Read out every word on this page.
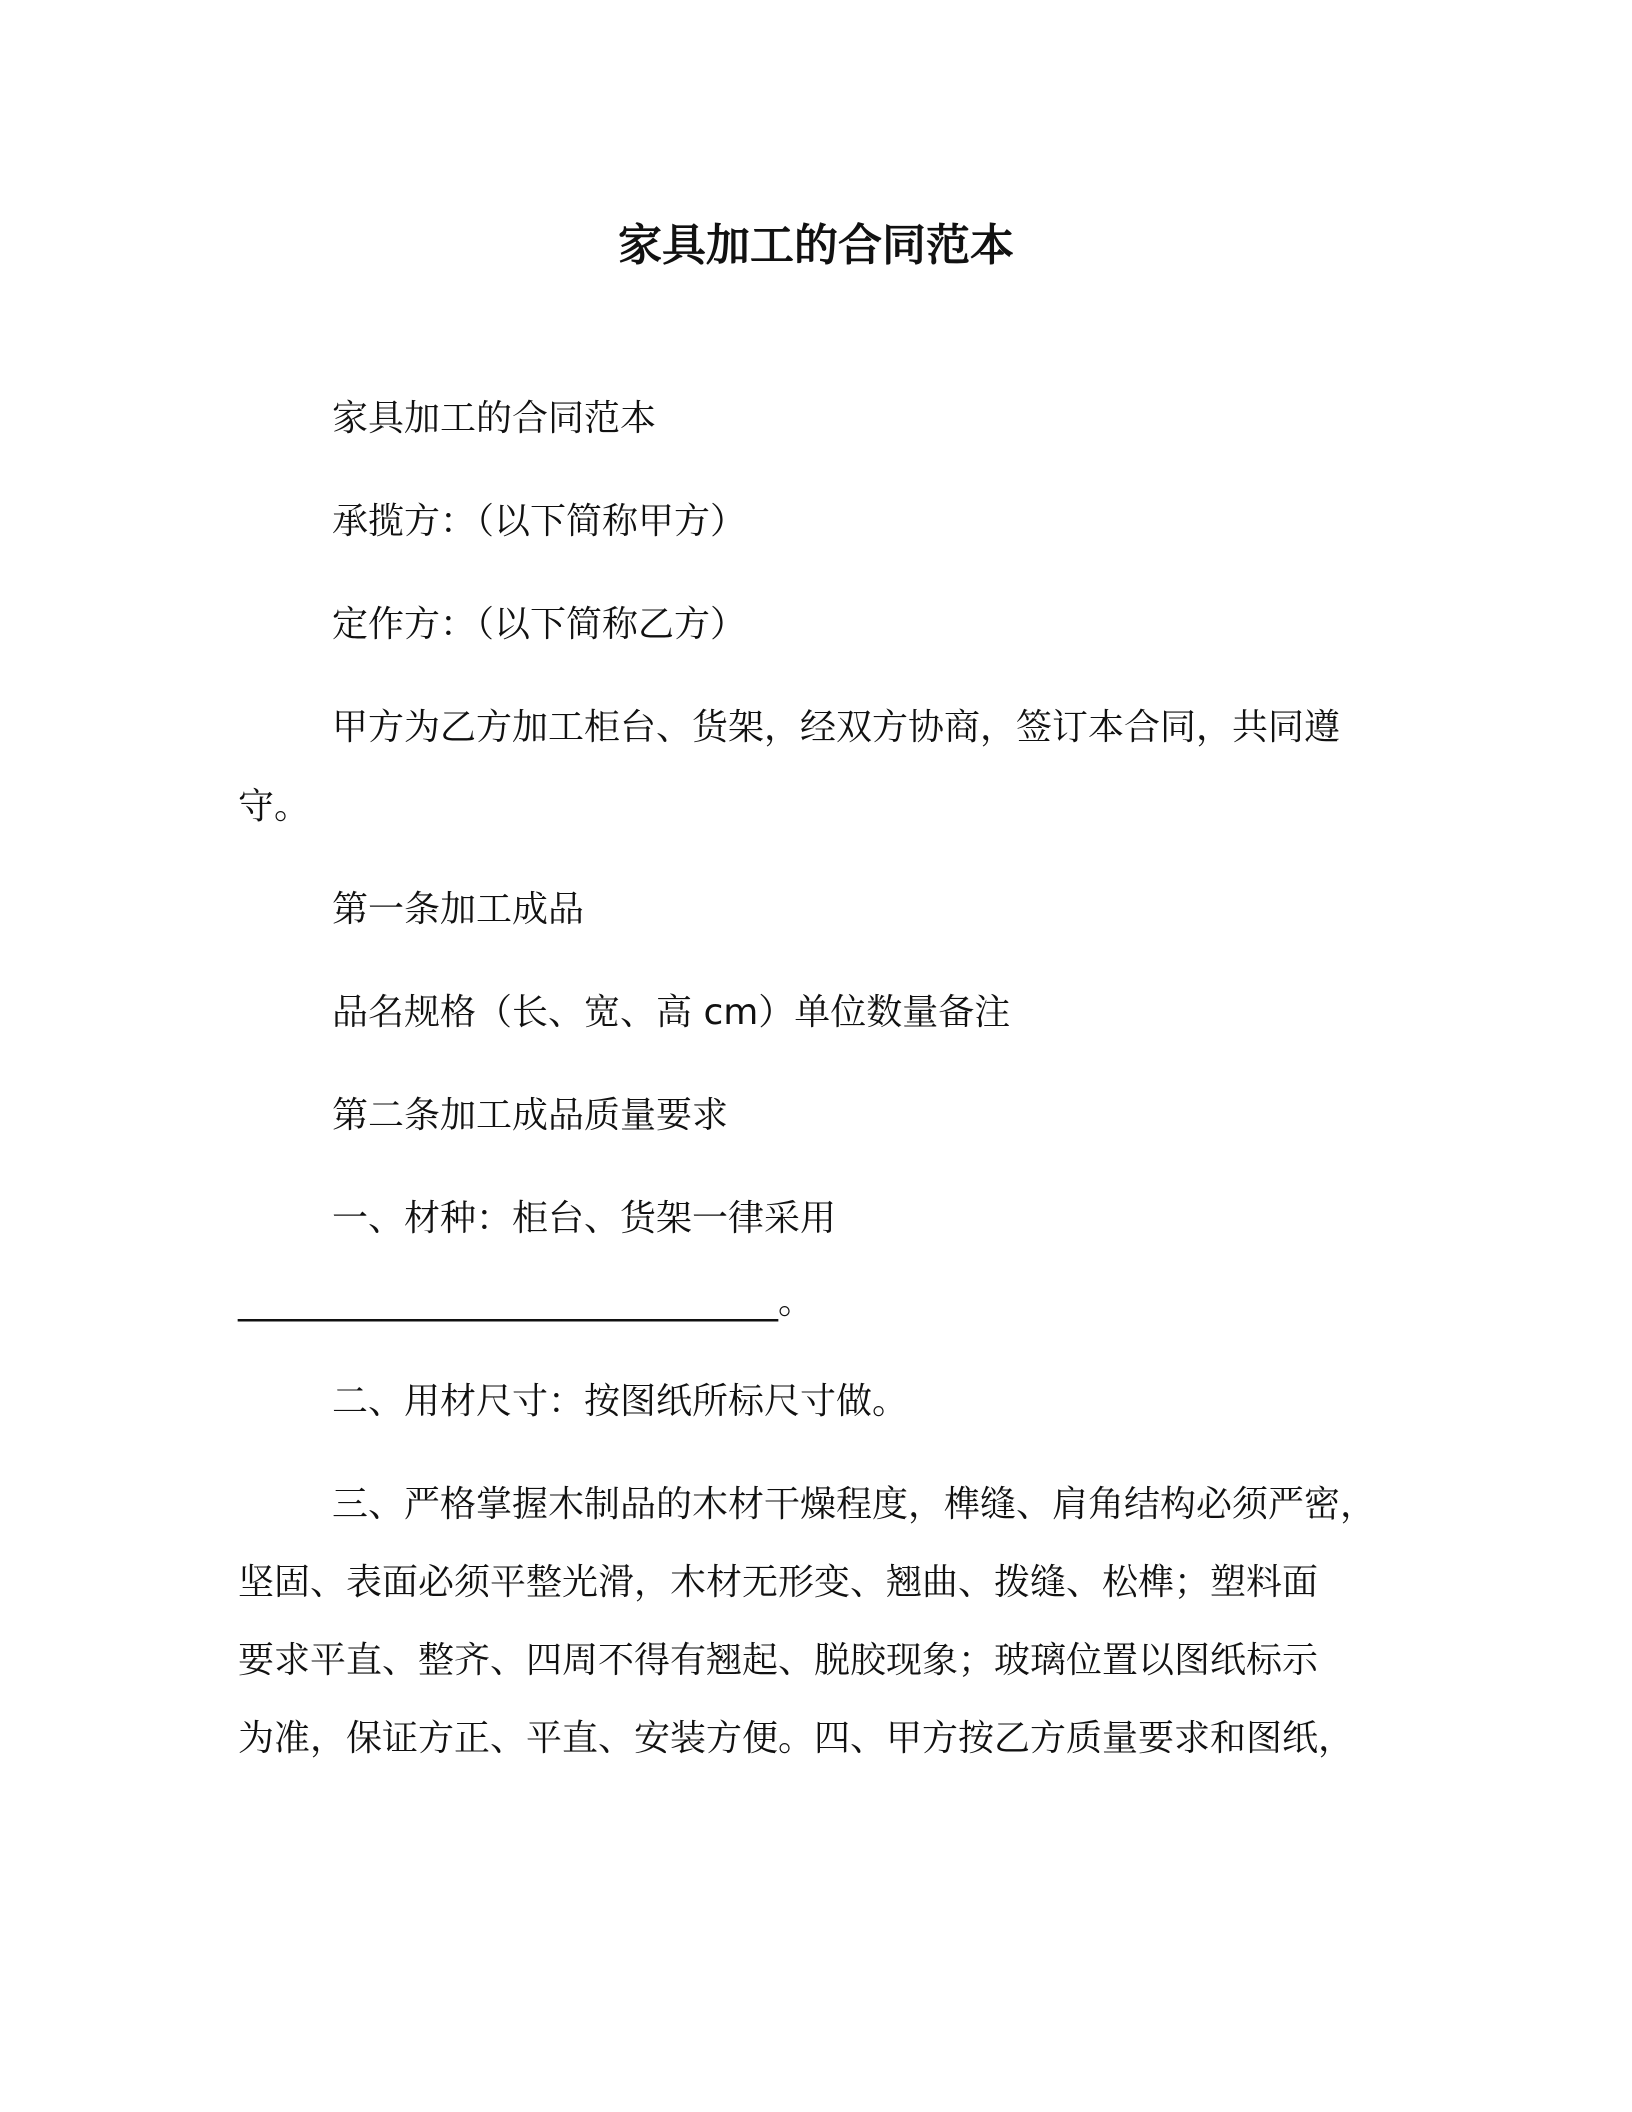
家具加工的合同范本
家具加工的合同范本
承揽方：（以下简称甲方）
定作方：（以下简称乙方）
甲方为乙方加工柜台、货架，经双方协商，签订本合同，共同遵
守。
第一条加工成品
品名规格（长、宽、高 cm）单位数量备注
第二条加工成品质量要求
一、材种：柜台、货架一律采用
______________________________。
二、用材尺寸：按图纸所标尺寸做。
三、严格掌握木制品的木材干燥程度，榫缝、肩角结构必须严密，
坚固、表面必须平整光滑，木材无形变、翘曲、拨缝、松榫；塑料面
要求平直、整齐、四周不得有翘起、脱胶现象；玻璃位置以图纸标示
为准，保证方正、平直、安装方便。四、甲方按乙方质量要求和图纸，
